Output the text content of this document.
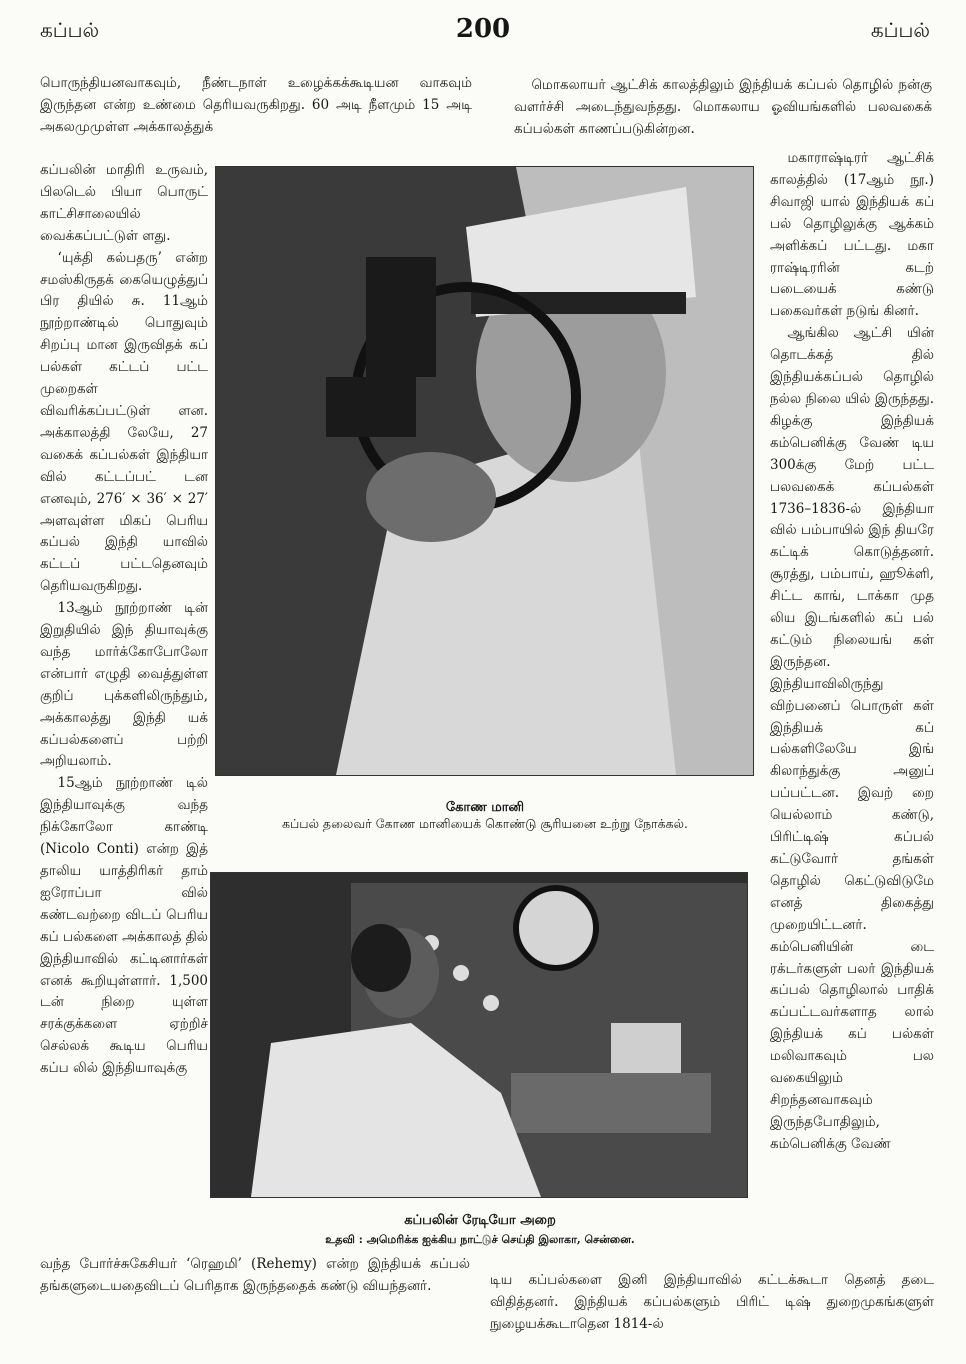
கப்பல்	200	கப்பல்

பொருந்தியனவாகவும், நீண்டநாள் உழைக்கக்கூடியன வாகவும் இருந்தன என்ற உண்மை தெரியவருகிறது. 60 அடி நீளமும் 15 அடி அகலமுமுள்ள அக்காலத்துக்

கப்பலின் மாதிரி உருவம், பிலடெல் பியா பொருட் காட்சிசாலையில் வைக்கப்பட்டுள் ளது.

‘யுக்தி கல்பதரு’ என்ற சமஸ்கிருதக் கையெழுத்துப் பிர தியில் சு. 11ஆம் நூற்றாண்டில் பொதுவும் சிறப்பு மான இருவிதக் கப் பல்கள் கட்டப் பட்ட முறைகள் விவரிக்கப்பட்டுள் ளன. அக்காலத்தி லேயே, 27 வகைக் கப்பல்கள் இந்தியா வில் கட்டப்பட் டன எனவும், 276′ × 36′ × 27′ அளவுள்ள மிகப் பெரிய கப்பல் இந்தி யாவில் கட்டப் பட்டதெனவும் தெரியவருகிறது.

13ஆம் நூற்றாண் டின் இறுதியில் இந் தியாவுக்கு வந்த மார்க்கோபோலோ என்பார் எழுதி வைத்துள்ள குறிப் புக்களிலிருந்தும், அக்காலத்து இந்தி யக் கப்பல்களைப் பற்றி அறியலாம்.

15ஆம் நூற்றாண் டில் இந்தியாவுக்கு வந்த நிக்கோலோ காண்டி (Nicolo Conti) என்ற இத் தாலிய யாத்திரிகர் தாம் ஐரோப்பா வில் கண்டவற்றை விடப் பெரிய கப் பல்களை அக்காலத் தில் இந்தியாவில் கட்டினார்கள் எனக் கூறியுள்ளார். 1,500 டன் நிறை யுள்ள சரக்குக்களை ஏற்றிச் செல்லக் கூடிய பெரிய கப்ப லில் இந்தியாவுக்கு

வந்த போர்ச்சுகேசியர் ‘ரெஹமி’ (Rehemy) என்ற இந்தியக் கப்பல் தங்களுடையதைவிடப் பெரிதாக இருந்ததைக் கண்டு வியந்தனர்.

மொகலாயர் ஆட்சிக் காலத்திலும் இந்தியக் கப்பல் தொழில் நன்கு வளர்ச்சி அடைந்துவந்தது. மொகலாய ஓவியங்களில் பலவகைக் கப்பல்கள் காணப்படுகின்றன.

மகாராஷ்டிரர் ஆட்சிக் காலத்தில் (17ஆம் நூ.) சிவாஜி யால் இந்தியக் கப் பல் தொழிலுக்கு ஆக்கம் அளிக்கப் பட்டது. மகா ராஷ்டிரரின் கடற் படையைக் கண்டு பகைவர்கள் நடுங் கினர்.

ஆங்கில ஆட்சி யின் தொடக்கத் தில் இந்தியக்கப்பல் தொழில் நல்ல நிலை யில் இருந்தது. கிழக்கு இந்தியக் கம்பெனிக்கு வேண் டிய 300க்கு மேற் பட்ட பலவகைக் கப்பல்கள் 1736–1836-ல் இந்தியா வில் பம்பாயில் இந் தியரே கட்டிக் கொடுத்தனர். சூரத்து, பம்பாய், ஹூக்ளி, சிட்ட காங், டாக்கா முத லிய இடங்களில் கப் பல் கட்டும் நிலையங் கள் இருந்தன. இந்தியாவிலிருந்து விற்பனைப் பொருள் கள் இந்தியக் கப் பல்களிலேயே இங் கிலாந்துக்கு அனுப் பப்பட்டன. இவற் றை யெல்லாம் கண்டு, பிரிட்டிஷ் கப்பல் கட்டுவோர் தங்கள் தொழில் கெட்டுவிடுமே எனத் திகைத்து முறையிட்டனர். கம்பெனியின் டை ரக்டர்களுள் பலர் இந்தியக் கப்பல் தொழிலால் பாதிக் கப்பட்டவர்களாத லால் இந்தியக் கப் பல்கள் மலிவாகவும் பல வகையிலும் சிறந்தனவாகவும் இருந்தபோதிலும், கம்பெனிக்கு வேண்

டிய கப்பல்களை இனி இந்தியாவில் கட்டக்கூடா தெனத் தடை விதித்தனர். இந்தியக் கப்பல்களும் பிரிட் டிஷ் துறைமுகங்களுள் நுழையக்கூடாதென 1814-ல்

கோண மானி
கப்பல் தலைவர் கோண மானியைக் கொண்டு சூரியனை உற்று நோக்கல்.
கப்பலின் ரேடியோ அறை
உதவி : அமெரிக்க ஐக்கிய நாட்டுச் செய்தி இலாகா, சென்னை.
